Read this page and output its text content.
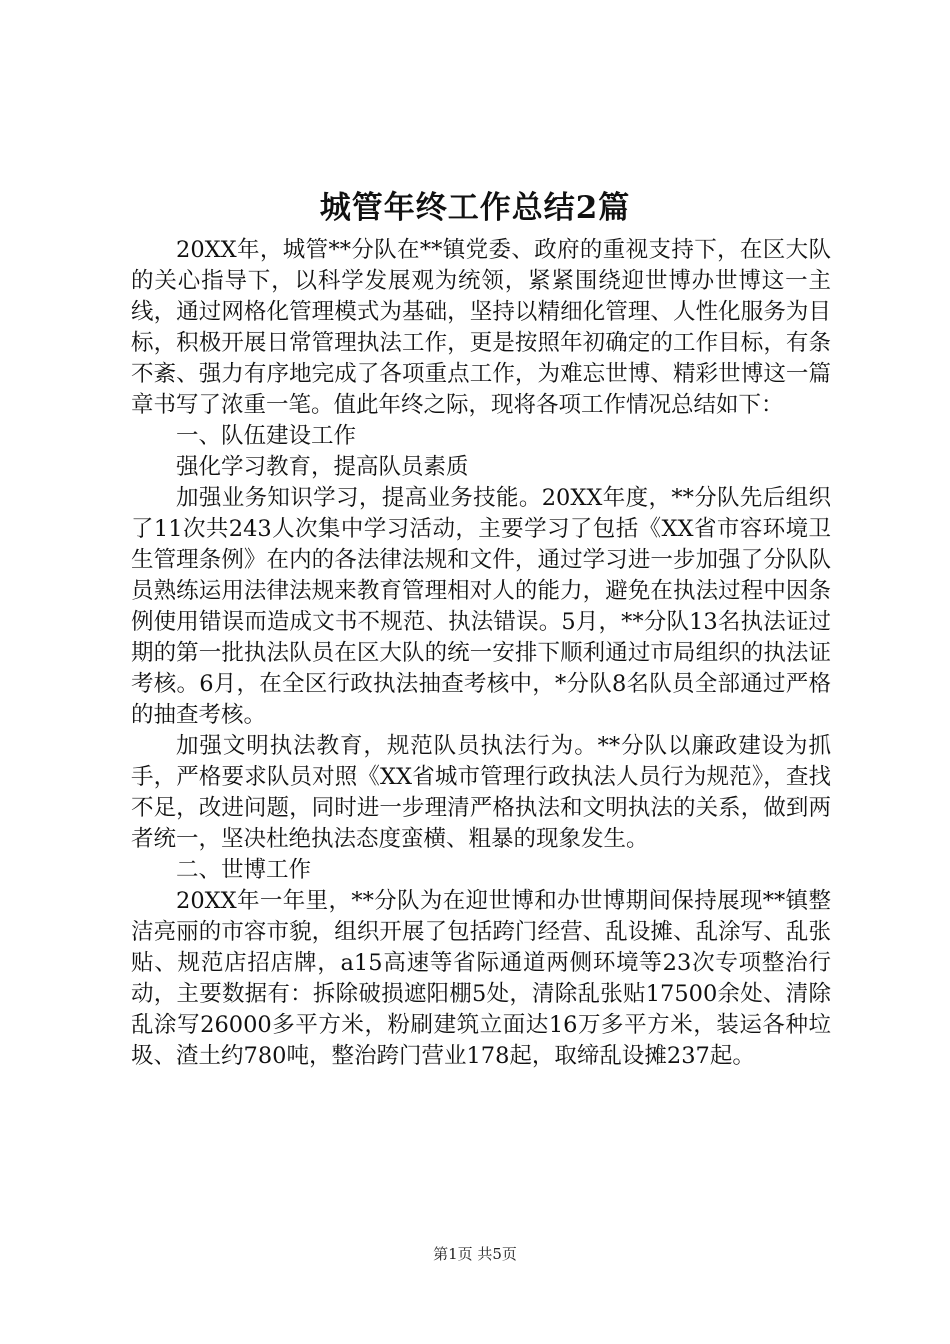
城管年终工作总结2篇

20XX年，城管**分队在**镇党委、政府的重视支持下，在区大队的关心指导下，以科学发展观为统领，紧紧围绕迎世博办世博这一主线，通过网格化管理模式为基础，坚持以精细化管理、人性化服务为目标，积极开展日常管理执法工作，更是按照年初确定的工作目标，有条不紊、强力有序地完成了各项重点工作，为难忘世博、精彩世博这一篇章书写了浓重一笔。值此年终之际，现将各项工作情况总结如下：

一、队伍建设工作

强化学习教育，提高队员素质

加强业务知识学习，提高业务技能。20XX年度，**分队先后组织了11次共243人次集中学习活动，主要学习了包括《XX省市容环境卫生管理条例》在内的各法律法规和文件，通过学习进一步加强了分队队员熟练运用法律法规来教育管理相对人的能力，避免在执法过程中因条例使用错误而造成文书不规范、执法错误。5月，**分队13名执法证过期的第一批执法队员在区大队的统一安排下顺利通过市局组织的执法证考核。6月，在全区行政执法抽查考核中，*分队8名队员全部通过严格的抽查考核。

加强文明执法教育，规范队员执法行为。**分队以廉政建设为抓手，严格要求队员对照《XX省城市管理行政执法人员行为规范》，查找不足，改进问题，同时进一步理清严格执法和文明执法的关系，做到两者统一，坚决杜绝执法态度蛮横、粗暴的现象发生。

二、世博工作

20XX年一年里，**分队为在迎世博和办世博期间保持展现**镇整洁亮丽的市容市貌，组织开展了包括跨门经营、乱设摊、乱涂写、乱张贴、规范店招店牌，a15高速等省际通道两侧环境等23次专项整治行动，主要数据有：拆除破损遮阳棚5处，清除乱张贴17500余处、清除乱涂写26000多平方米，粉刷建筑立面达16万多平方米，装运各种垃圾、渣土约780吨，整治跨门营业178起，取缔乱设摊237起。

第1页 共5页
